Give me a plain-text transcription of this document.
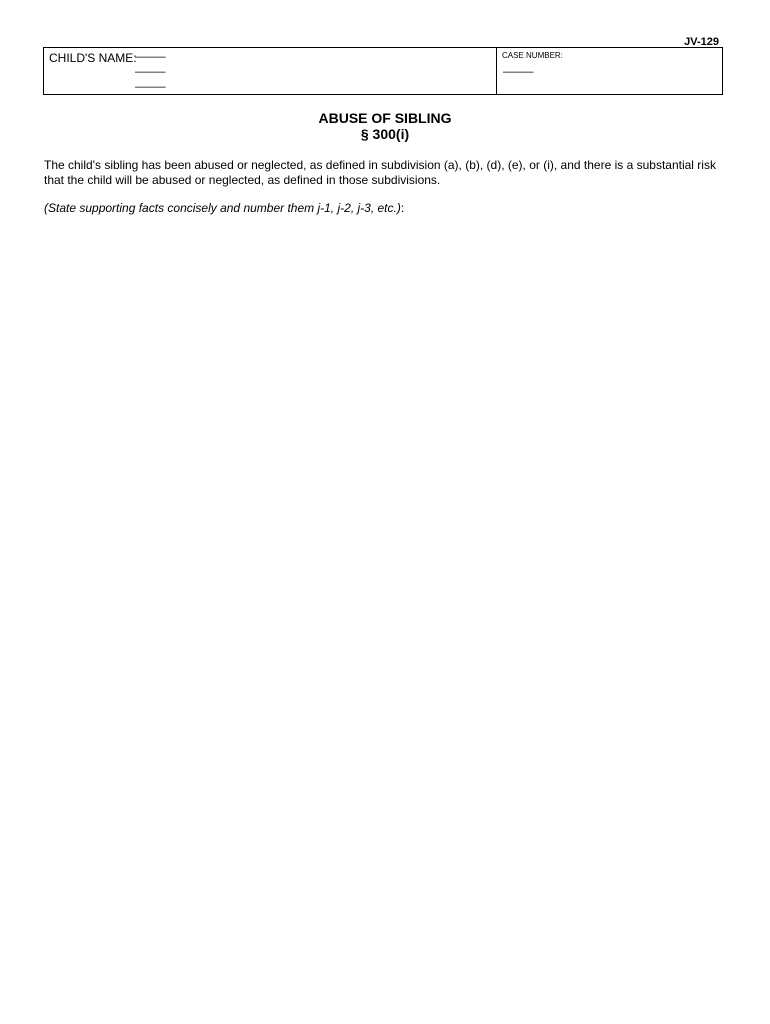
JV-129
CHILD'S NAME:
–––––
–––––
–––––
CASE NUMBER:
–––––
ABUSE OF SIBLING
§ 300(i)
The child's sibling has been abused or neglected, as defined in subdivision (a), (b), (d), (e), or (i), and there is a substantial risk that the child will be abused or neglected, as defined in those subdivisions.
(State supporting facts concisely and number them j-1, j-2, j-3, etc.):
